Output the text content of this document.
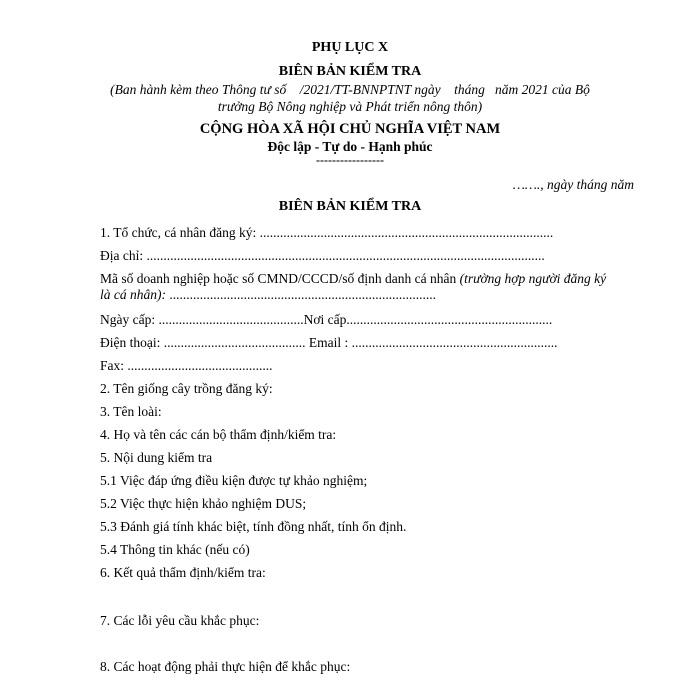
PHỤ LỤC X
BIÊN BẢN KIỂM TRA
(Ban hành kèm theo Thông tư số    /2021/TT-BNNPTNT ngày    tháng   năm 2021 của Bộ
trưởng Bộ Nông nghiệp và Phát triển nông thôn)
CỘNG HÒA XÃ HỘI CHỦ NGHĨA VIỆT NAM
Độc lập - Tự do - Hạnh phúc
-----------------
……., ngày tháng năm
BIÊN BẢN KIỂM TRA
1. Tổ chức, cá nhân đăng ký: .......................................................................................
Địa chỉ: ......................................................................................................................
Mã số doanh nghiệp hoặc số CMND/CCCD/số định danh cá nhân (trường hợp người đăng ký
là cá nhân): ...............................................................................
Ngày cấp: ...........................................Nơi cấp.............................................................
Điện thoại: .......................................... Email : .............................................................
Fax: ...........................................
2. Tên giống cây trồng đăng ký:
3. Tên loài:
4. Họ và tên các cán bộ thẩm định/kiểm tra:
5. Nội dung kiểm tra
5.1 Việc đáp ứng điều kiện được tự khảo nghiệm;
5.2 Việc thực hiện khảo nghiệm DUS;
5.3 Đánh giá tính khác biệt, tính đồng nhất, tính ổn định.
5.4 Thông tin khác (nếu có)
6. Kết quả thẩm định/kiểm tra:
7. Các lỗi yêu cầu khắc phục:
8. Các hoạt động phải thực hiện để khắc phục:
